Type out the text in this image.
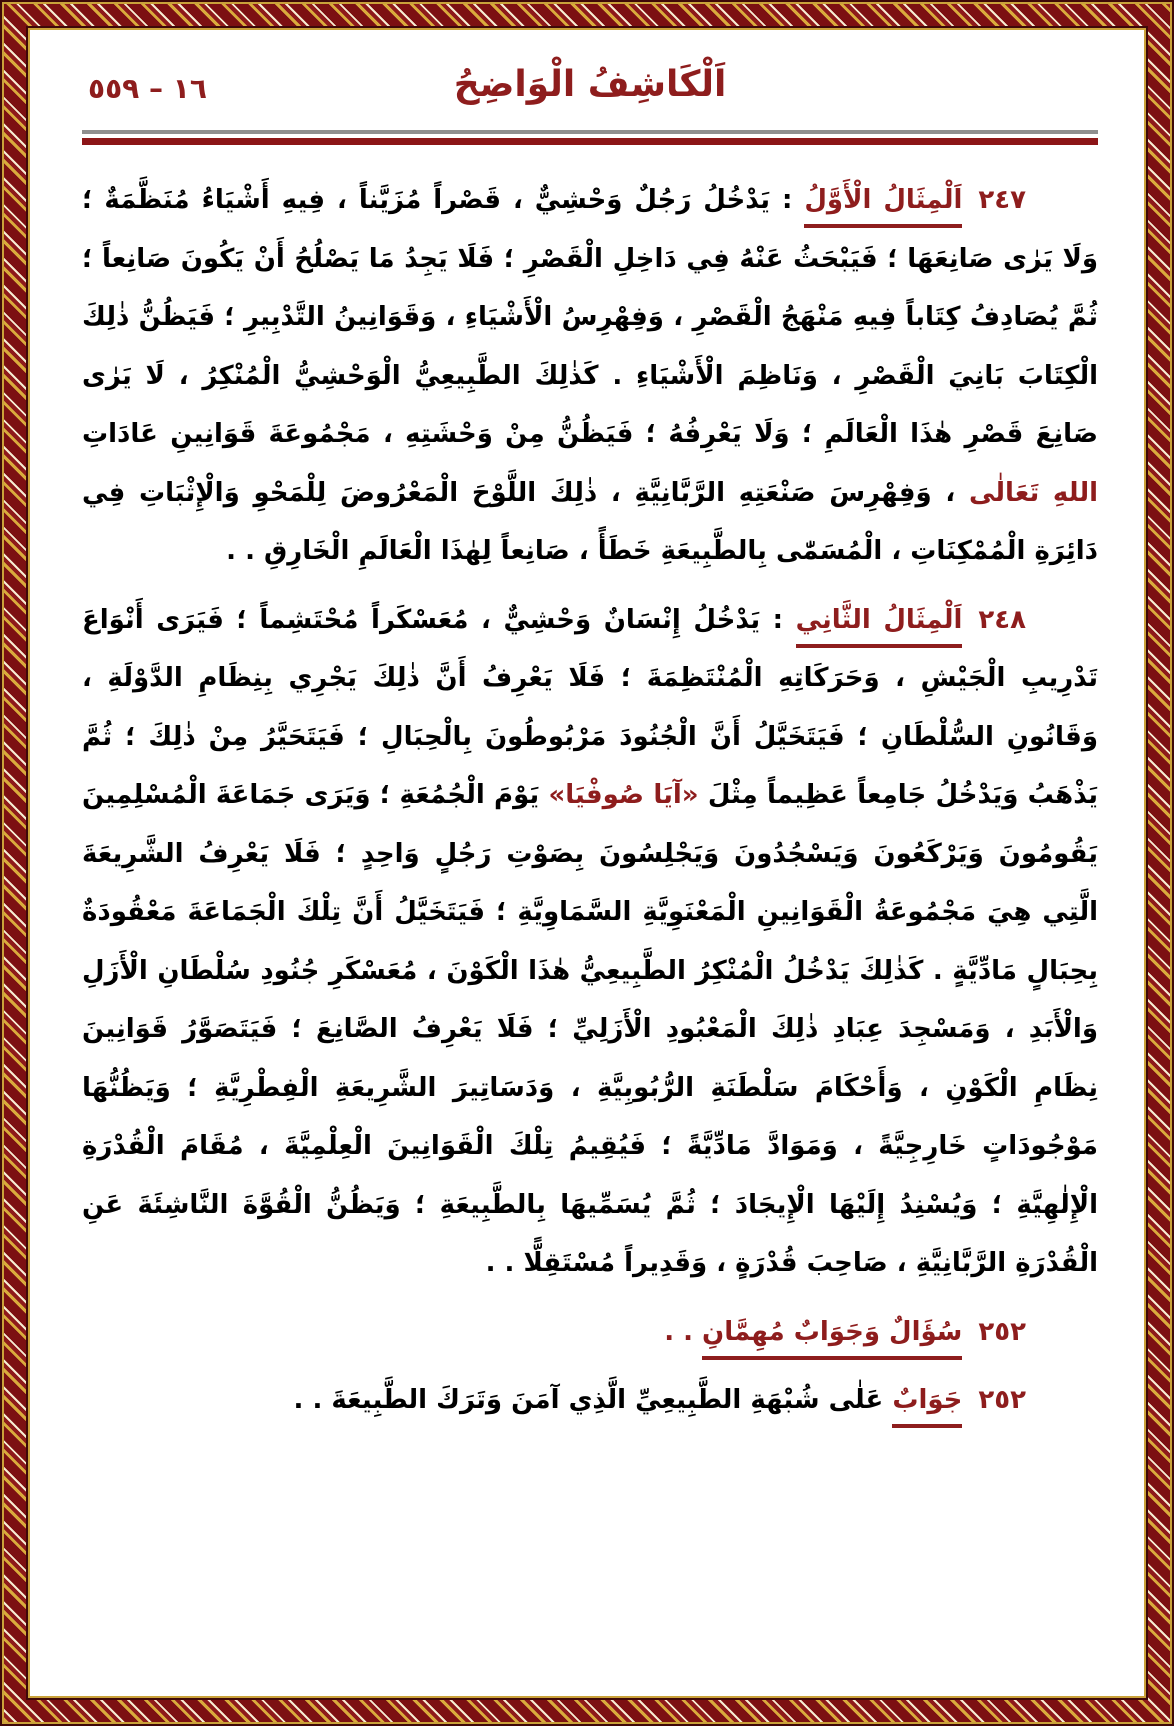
١٦ – ٥٥٩	اَلْكَاشِفُ الْوَاضِحُ

٢٤٧اَلْمِثَالُ الْأَوَّلُ : يَدْخُلُ رَجُلٌ وَحْشِيٌّ ، قَصْراً مُزَيَّناً ، فِيهِ أَشْيَاءُ مُنَظَّمَةٌ ؛ وَلَا يَرٰى صَانِعَهَا ؛ فَيَبْحَثُ عَنْهُ فِي دَاخِلِ الْقَصْرِ ؛ فَلَا يَجِدُ مَا يَصْلُحُ أَنْ يَكُونَ صَانِعاً ؛ ثُمَّ يُصَادِفُ كِتَاباً فِيهِ مَنْهَجُ الْقَصْرِ ، وَفِهْرِسُ الْأَشْيَاءِ ، وَقَوَانِينُ التَّدْبِيرِ ؛ فَيَظُنُّ ذٰلِكَ الْكِتَابَ بَانِيَ الْقَصْرِ ، وَنَاظِمَ الْأَشْيَاءِ . كَذٰلِكَ الطَّبِيعِيُّ الْوَحْشِيُّ الْمُنْكِرُ ، لَا يَرٰى صَانِعَ قَصْرِ هٰذَا الْعَالَمِ ؛ وَلَا يَعْرِفُهُ ؛ فَيَظُنُّ مِنْ وَحْشَتِهِ ، مَجْمُوعَةَ قَوَانِينِ عَادَاتِ اللهِ تَعَالٰى ، وَفِهْرِسَ صَنْعَتِهِ الرَّبَّانِيَّةِ ، ذٰلِكَ اللَّوْحَ الْمَعْرُوضَ لِلْمَحْوِ وَالْإِثْبَاتِ فِي دَائِرَةِ الْمُمْكِنَاتِ ، الْمُسَمّٰى بِالطَّبِيعَةِ خَطَأً ، صَانِعاً لِهٰذَا الْعَالَمِ الْخَارِقِ . .

٢٤٨اَلْمِثَالُ الثَّانِي : يَدْخُلُ إِنْسَانٌ وَحْشِيٌّ ، مُعَسْكَراً مُحْتَشِماً ؛ فَيَرَى أَنْوَاعَ تَدْرِيبِ الْجَيْشِ ، وَحَرَكَاتِهِ الْمُنْتَظِمَةَ ؛ فَلَا يَعْرِفُ أَنَّ ذٰلِكَ يَجْرِي بِنِظَامِ الدَّوْلَةِ ، وَقَانُونِ السُّلْطَانِ ؛ فَيَتَخَيَّلُ أَنَّ الْجُنُودَ مَرْبُوطُونَ بِالْحِبَالِ ؛ فَيَتَحَيَّرُ مِنْ ذٰلِكَ ؛ ثُمَّ يَذْهَبُ وَيَدْخُلُ جَامِعاً عَظِيماً مِثْلَ «آيَا صُوفْيَا» يَوْمَ الْجُمُعَةِ ؛ وَيَرَى جَمَاعَةَ الْمُسْلِمِينَ يَقُومُونَ وَيَرْكَعُونَ وَيَسْجُدُونَ وَيَجْلِسُونَ بِصَوْتِ رَجُلٍ وَاحِدٍ ؛ فَلَا يَعْرِفُ الشَّرِيعَةَ الَّتِي هِيَ مَجْمُوعَةُ الْقَوَانِينِ الْمَعْنَوِيَّةِ السَّمَاوِيَّةِ ؛ فَيَتَخَيَّلُ أَنَّ تِلْكَ الْجَمَاعَةَ مَعْقُودَةٌ بِحِبَالٍ مَادِّيَّةٍ . كَذٰلِكَ يَدْخُلُ الْمُنْكِرُ الطَّبِيعِيُّ هٰذَا الْكَوْنَ ، مُعَسْكَرِ جُنُودِ سُلْطَانِ الْأَزَلِ وَالْأَبَدِ ، وَمَسْجِدَ عِبَادِ ذٰلِكَ الْمَعْبُودِ الْأَزَلِيِّ ؛ فَلَا يَعْرِفُ الصَّانِعَ ؛ فَيَتَصَوَّرُ قَوَانِينَ نِظَامِ الْكَوْنِ ، وَأَحْكَامَ سَلْطَنَةِ الرُّبُوبِيَّةِ ، وَدَسَاتِيرَ الشَّرِيعَةِ الْفِطْرِيَّةِ ؛ وَيَظُنُّهَا مَوْجُودَاتٍ خَارِجِيَّةً ، وَمَوَادَّ مَادِّيَّةً ؛ فَيُقِيمُ تِلْكَ الْقَوَانِينَ الْعِلْمِيَّةَ ، مُقَامَ الْقُدْرَةِ الْإِلٰهِيَّةِ ؛ وَيُسْنِدُ إِلَيْهَا الْإِيجَادَ ؛ ثُمَّ يُسَمِّيهَا بِالطَّبِيعَةِ ؛ وَيَظُنُّ الْقُوَّةَ النَّاشِئَةَ عَنِ الْقُدْرَةِ الرَّبَّانِيَّةِ ، صَاحِبَ قُدْرَةٍ ، وَقَدِيراً مُسْتَقِلًّا . .

٢٥٢سُؤَالٌ وَجَوَابٌ مُهِمَّانِ . .

٢٥٢جَوَابٌ عَلٰى شُبْهَةِ الطَّبِيعِيِّ الَّذِي آمَنَ وَتَرَكَ الطَّبِيعَةَ . .
